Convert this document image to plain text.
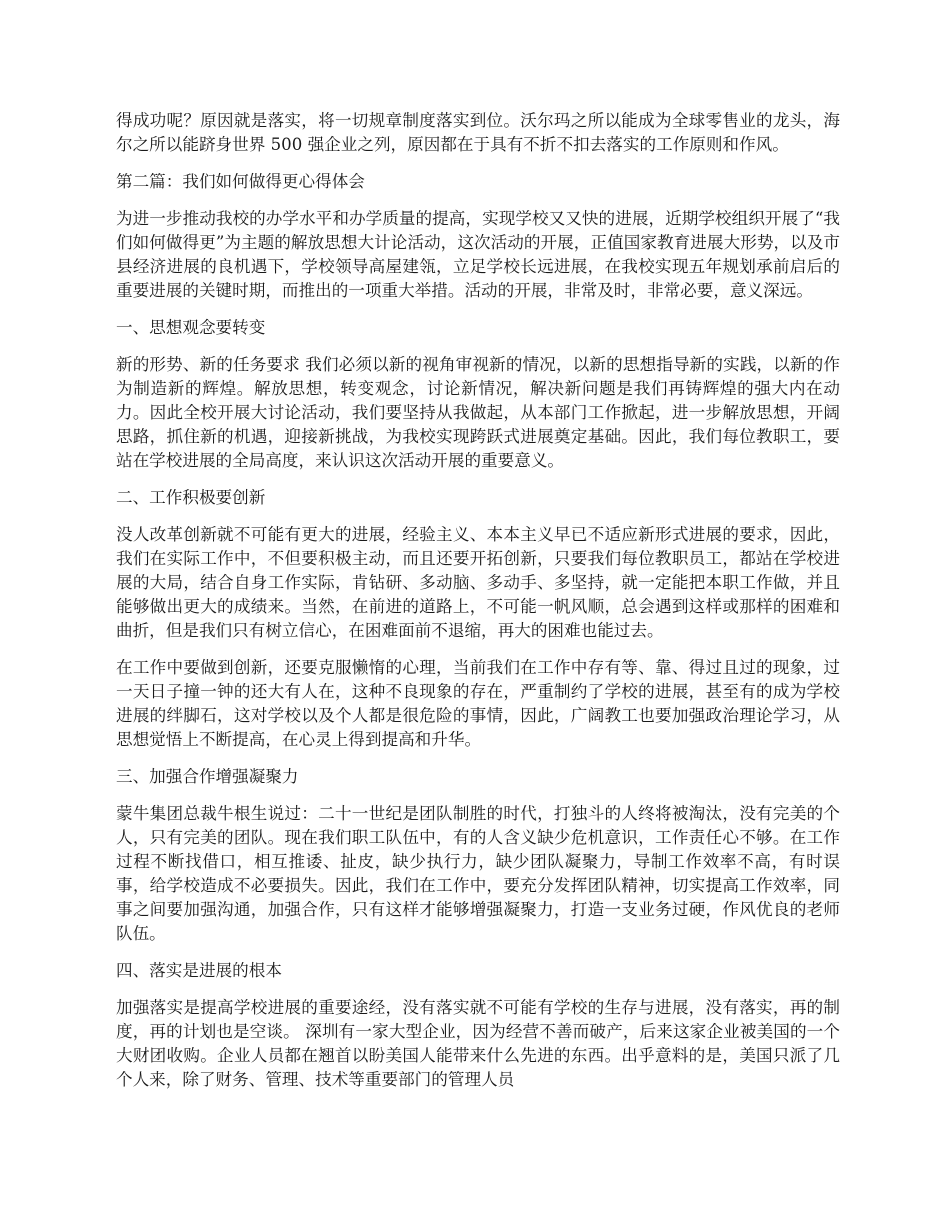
得成功呢？原因就是落实，将一切规章制度落实到位。沃尔玛之所以能成为全球零售业的龙头，海尔之所以能跻身世界 500 强企业之列，原因都在于具有不折不扣去落实的工作原则和作风。

第二篇：我们如何做得更心得体会

为进一步推动我校的办学水平和办学质量的提高，实现学校又又快的进展，近期学校组织开展了“我们如何做得更”为主题的解放思想大计论活动，这次活动的开展，正值国家教育进展大形势，以及市县经济进展的良机遇下，学校领导高屋建瓴，立足学校长远进展，在我校实现五年规划承前启后的重要进展的关键时期，而推出的一项重大举措。活动的开展，非常及时，非常必要，意义深远。

一、思想观念要转变

新的形势、新的任务要求 我们必须以新的视角审视新的情况，以新的思想指导新的实践，以新的作为制造新的辉煌。解放思想，转变观念，讨论新情况，解决新问题是我们再铸辉煌的强大内在动力。因此全校开展大讨论活动，我们要坚持从我做起，从本部门工作掀起，进一步解放思想，开阔思路，抓住新的机遇，迎接新挑战，为我校实现跨跃式进展奠定基础。因此，我们每位教职工，要站在学校进展的全局高度，来认识这次活动开展的重要意义。

二、工作积极要创新

没人改革创新就不可能有更大的进展，经验主义、本本主义早已不适应新形式进展的要求，因此，我们在实际工作中，不但要积极主动，而且还要开拓创新，只要我们每位教职员工，都站在学校进展的大局，结合自身工作实际，肯钻研、多动脑、多动手、多坚持，就一定能把本职工作做，并且能够做出更大的成绩来。当然，在前进的道路上，不可能一帆风顺，总会遇到这样或那样的困难和曲折，但是我们只有树立信心，在困难面前不退缩，再大的困难也能过去。

在工作中要做到创新，还要克服懒惰的心理，当前我们在工作中存有等、靠、得过且过的现象，过一天日子撞一钟的还大有人在，这种不良现象的存在，严重制约了学校的进展，甚至有的成为学校进展的绊脚石，这对学校以及个人都是很危险的事情，因此，广阔教工也要加强政治理论学习，从思想觉悟上不断提高，在心灵上得到提高和升华。

三、加强合作增强凝聚力

蒙牛集团总裁牛根生说过：二十一世纪是团队制胜的时代，打独斗的人终将被淘汰，没有完美的个人，只有完美的团队。现在我们职工队伍中，有的人含义缺少危机意识，工作责任心不够。在工作过程不断找借口，相互推诿、扯皮，缺少执行力，缺少团队凝聚力，导制工作效率不高，有时误事，给学校造成不必要损失。因此，我们在工作中，要充分发挥团队精神，切实提高工作效率，同事之间要加强沟通，加强合作，只有这样才能够增强凝聚力，打造一支业务过硬，作风优良的老师队伍。

四、落实是进展的根本

加强落实是提高学校进展的重要途经，没有落实就不可能有学校的生存与进展，没有落实，再的制度，再的计划也是空谈。 深圳有一家大型企业，因为经营不善而破产，后来这家企业被美国的一个大财团收购。企业人员都在翘首以盼美国人能带来什么先进的东西。出乎意料的是，美国只派了几个人来，除了财务、管理、技术等重要部门的管理人员
